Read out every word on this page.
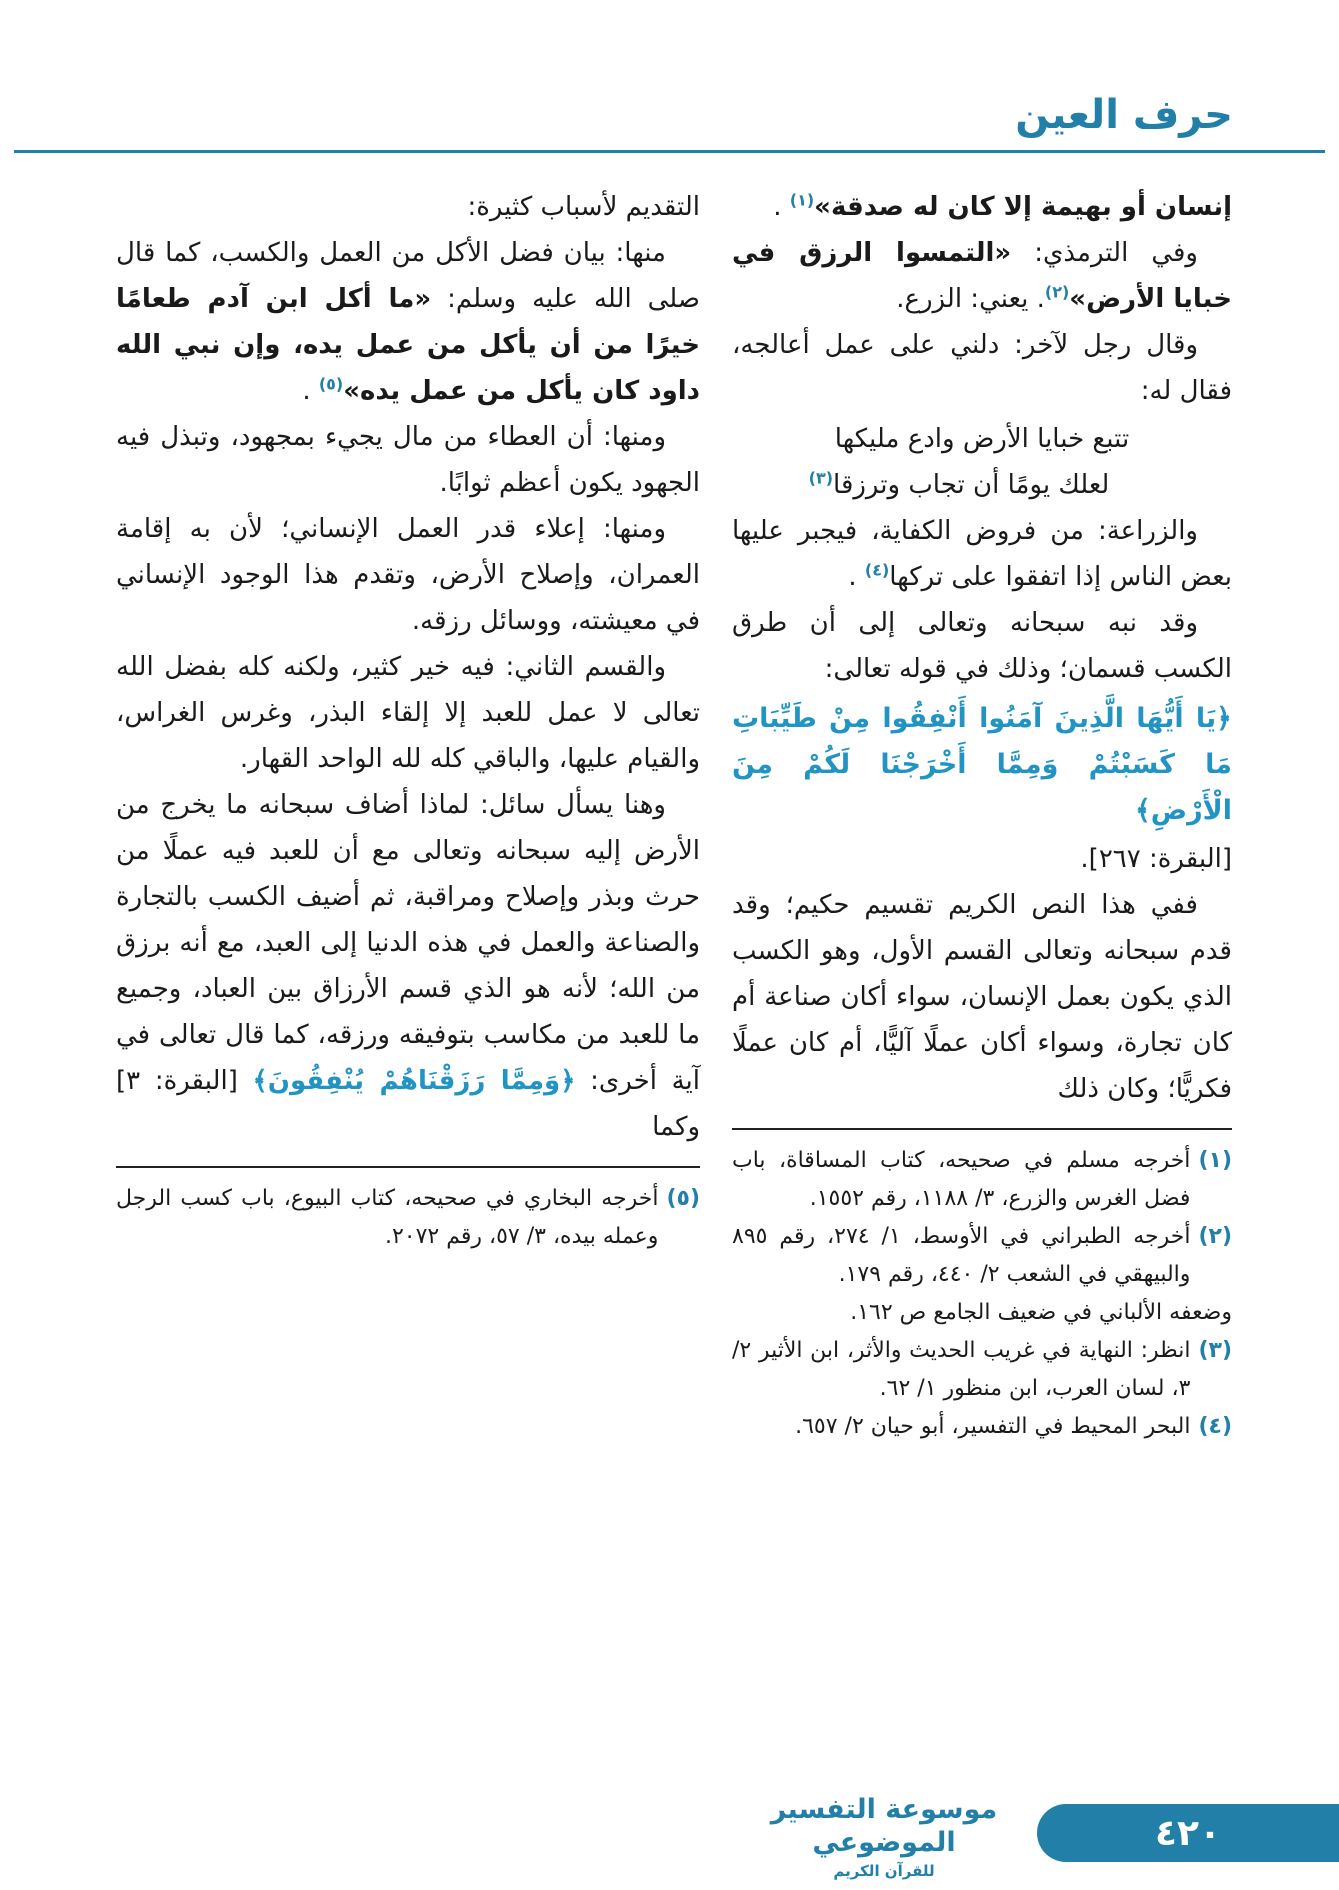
حرف العين

إنسان أو بهيمة إلا كان له صدقة»$^{(١)}$ .

وفي الترمذي: «التمسوا الرزق في خبايا الأرض»$^{(٢)}$. يعني: الزرع.

وقال رجل لآخر: دلني على عمل أعالجه، فقال له:

تتبع خبايا الأرض وادع مليكها

لعلك يومًا أن تجاب وترزقا$^{(٣)}$

والزراعة: من فروض الكفاية، فيجبر عليها بعض الناس إذا اتفقوا على تركها$^{(٤)}$ .

وقد نبه سبحانه وتعالى إلى أن طرق الكسب قسمان؛ وذلك في قوله تعالى:

﴿يَا أَيُّهَا الَّذِينَ آمَنُوا أَنْفِقُوا مِنْ طَيِّبَاتِ مَا كَسَبْتُمْ وَمِمَّا أَخْرَجْنَا لَكُمْ مِنَ الْأَرْضِ﴾

[البقرة: ٢٦٧].

ففي هذا النص الكريم تقسيم حكيم؛ وقد قدم سبحانه وتعالى القسم الأول، وهو الكسب الذي يكون بعمل الإنسان، سواء أكان صناعة أم كان تجارة، وسواء أكان عملًا آليًّا، أم كان عملًا فكريًّا؛ وكان ذلك

(١)
أخرجه مسلم في صحيحه، كتاب المساقاة، باب فضل الغرس والزرع، ٣/ ١١٨٨، رقم ١٥٥٢.
(٢)
أخرجه الطبراني في الأوسط، ١/ ٢٧٤، رقم ٨٩٥ والبيهقي في الشعب ٢/ ٤٤٠، رقم ١٧٩.
وضعفه الألباني في ضعيف الجامع ص ١٦٢.
(٣)
انظر: النهاية في غريب الحديث والأثر، ابن الأثير ٢/ ٣، لسان العرب، ابن منظور ١/ ٦٢.
(٤)
البحر المحيط في التفسير، أبو حيان ٢/ ٦٥٧.

التقديم لأسباب كثيرة:

منها: بيان فضل الأكل من العمل والكسب، كما قال صلى الله عليه وسلم: «ما أكل ابن آدم طعامًا خيرًا من أن يأكل من عمل يده، وإن نبي الله داود كان يأكل من عمل يده»$^{(٥)}$ .

ومنها: أن العطاء من مال يجيء بمجهود، وتبذل فيه الجهود يكون أعظم ثوابًا.

ومنها: إعلاء قدر العمل الإنساني؛ لأن به إقامة العمران، وإصلاح الأرض، وتقدم هذا الوجود الإنساني في معيشته، ووسائل رزقه.

والقسم الثاني: فيه خير كثير، ولكنه كله بفضل الله تعالى لا عمل للعبد إلا إلقاء البذر، وغرس الغراس، والقيام عليها، والباقي كله لله الواحد القهار.

وهنا يسأل سائل: لماذا أضاف سبحانه ما يخرج من الأرض إليه سبحانه وتعالى مع أن للعبد فيه عملًا من حرث وبذر وإصلاح ومراقبة، ثم أضيف الكسب بالتجارة والصناعة والعمل في هذه الدنيا إلى العبد، مع أنه برزق من الله؛ لأنه هو الذي قسم الأرزاق بين العباد، وجميع ما للعبد من مكاسب بتوفيقه ورزقه، كما قال تعالى في آية أخرى: ﴿وَمِمَّا رَزَقْنَاهُمْ يُنْفِقُونَ﴾ [البقرة: ٣] وكما

(٥)
أخرجه البخاري في صحيحه، كتاب البيوع، باب كسب الرجل وعمله بيده، ٣/ ٥٧، رقم ٢٠٧٢.
موسوعة التفسير الموضوعي
للقرآن الكريم
٤٢٠
